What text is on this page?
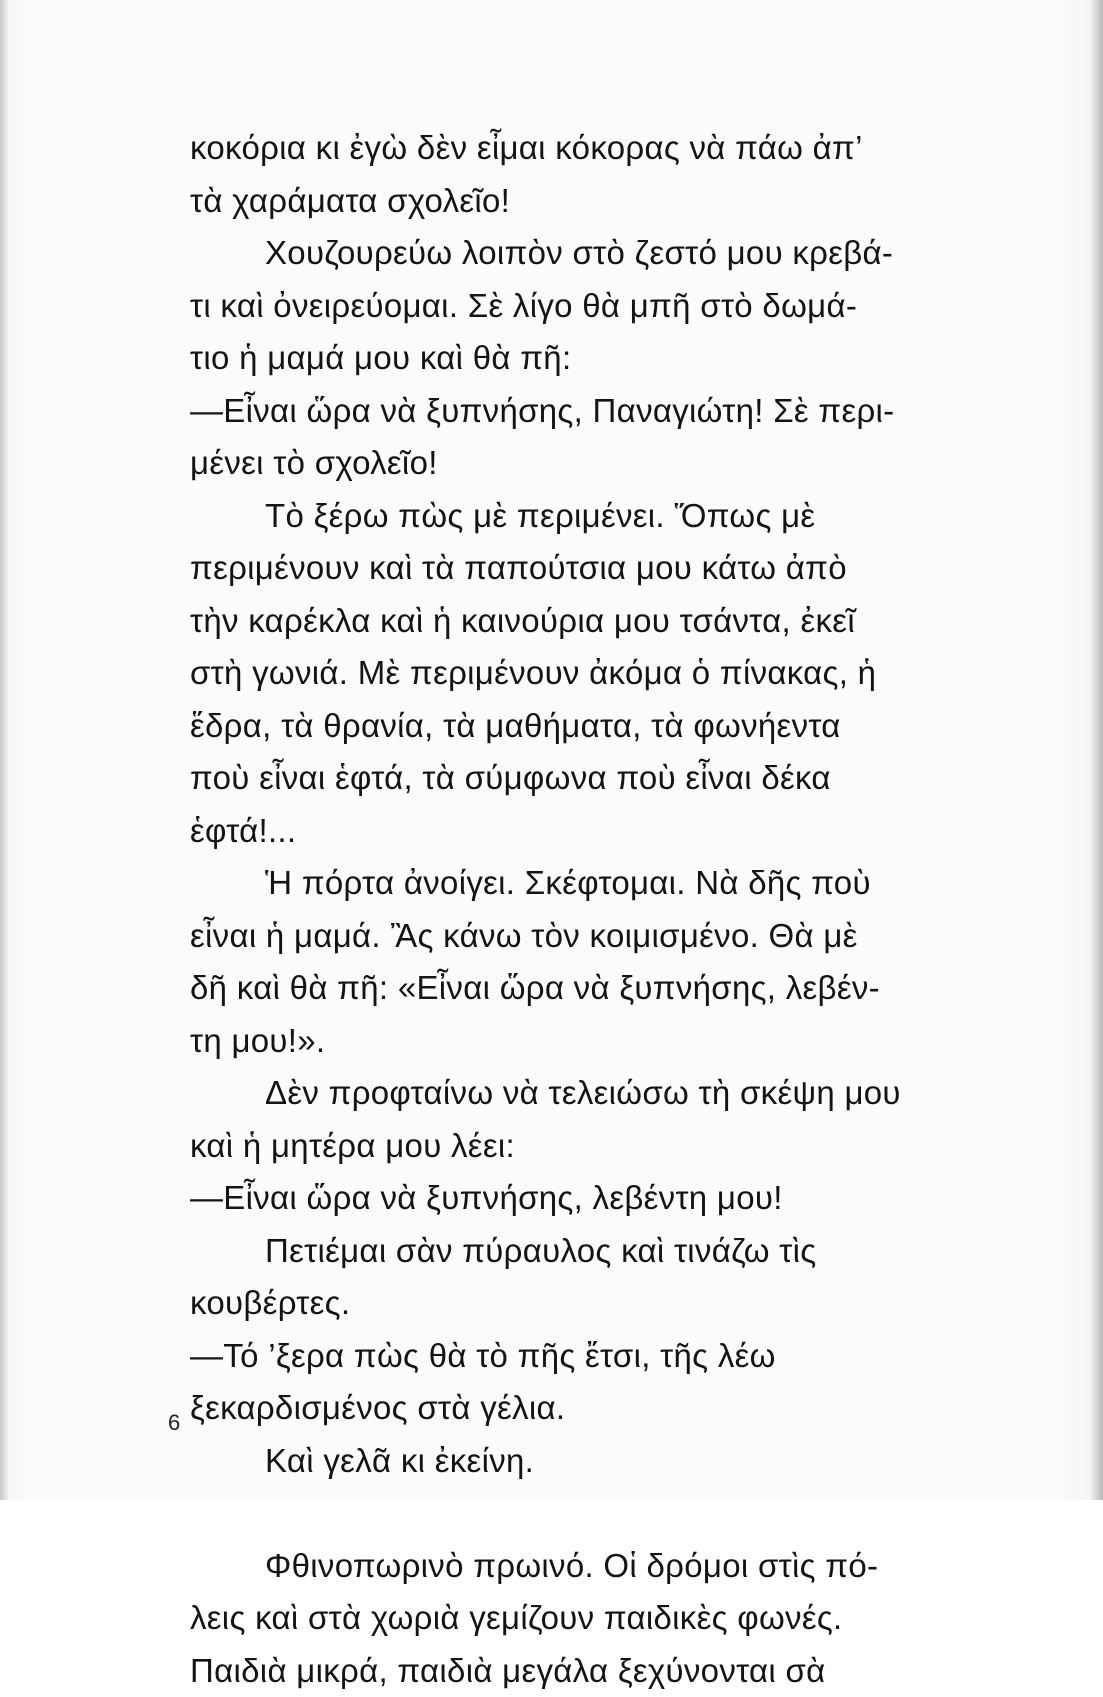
κοκόρια κι ἐγὼ δὲν εἶμαι κόκορας νὰ πάω ἀπ’
τὰ χαράματα σχολεῖο!
Χουζουρεύω λοιπὸν στὸ ζεστό μου κρεβά-
τι καὶ ὀνειρεύομαι. Σὲ λίγο θὰ μπῆ στὸ δωμά-
τιο ἡ μαμά μου καὶ θὰ πῆ:
—Εἶναι ὥρα νὰ ξυπνήσης, Παναγιώτη! Σὲ περι-
μένει τὸ σχολεῖο!
Τὸ ξέρω πὼς μὲ περιμένει. Ὅπως μὲ
περιμένουν καὶ τὰ παπούτσια μου κάτω ἀπὸ
τὴν καρέκλα καὶ ἡ καινούρια μου τσάντα, ἐκεῖ
στὴ γωνιά. Μὲ περιμένουν ἀκόμα ὁ πίνακας, ἡ
ἕδρα, τὰ θρανία, τὰ μαθήματα, τὰ φωνήεντα
ποὺ εἶναι ἑφτά, τὰ σύμφωνα ποὺ εἶναι δέκα
ἑφτά!...
Ἡ πόρτα ἀνοίγει. Σκέφτομαι. Νὰ δῆς ποὺ
εἶναι ἡ μαμά. Ἂς κάνω τὸν κοιμισμένο. Θὰ μὲ
δῆ καὶ θὰ πῆ: «Εἶναι ὥρα νὰ ξυπνήσης, λεβέν-
τη μου!».
Δὲν προφταίνω νὰ τελειώσω τὴ σκέψη μου
καὶ ἡ μητέρα μου λέει:
—Εἶναι ὥρα νὰ ξυπνήσης, λεβέντη μου!
Πετιέμαι σὰν πύραυλος καὶ τινάζω τὶς
κουβέρτες.
—Τό ’ξερα πὼς θὰ τὸ πῆς ἔτσι, τῆς λέω
ξεκαρδισμένος στὰ γέλια.
Καὶ γελᾶ κι ἐκείνη.
Φθινοπωρινὸ πρωινό. Οἱ δρόμοι στὶς πό-
λεις καὶ στὰ χωριὰ γεμίζουν παιδικὲς φωνές.
Παιδιὰ μικρά, παιδιὰ μεγάλα ξεχύνονται σὰ
6
